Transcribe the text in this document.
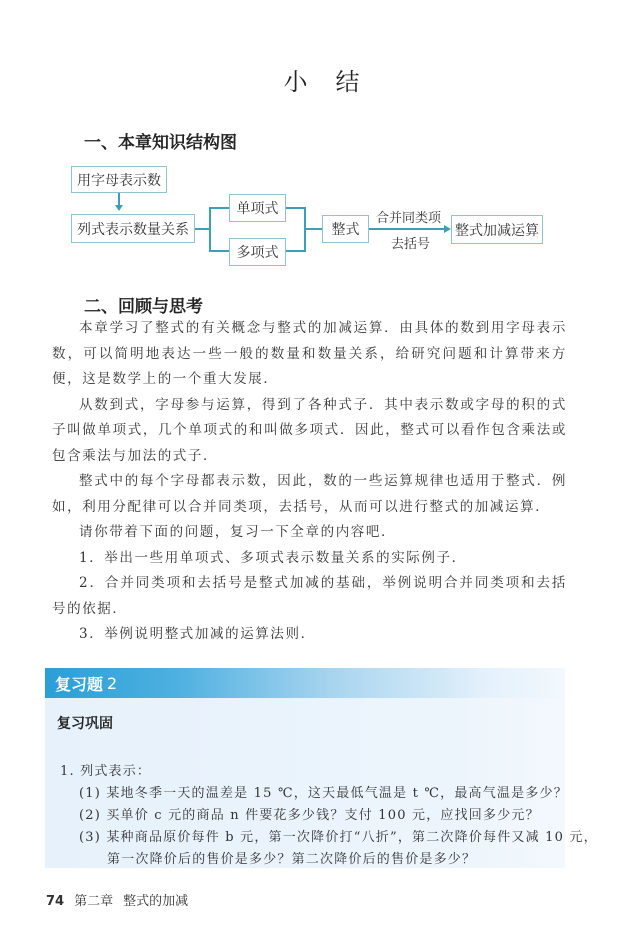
小结
一、本章知识结构图
用字母表示数
列式表示数量关系
单项式
多项式
整式
合并同类项
去括号
整式加减运算
二、回顾与思考

本章学习了整式的有关概念与整式的加减运算．由具体的数到用字母表示数，可以简明地表达一些一般的数量和数量关系，给研究问题和计算带来方便，这是数学上的一个重大发展．

从数到式，字母参与运算，得到了各种式子．其中表示数或字母的积的式子叫做单项式，几个单项式的和叫做多项式．因此，整式可以看作包含乘法或包含乘法与加法的式子．

整式中的每个字母都表示数，因此，数的一些运算规律也适用于整式．例如，利用分配律可以合并同类项，去括号，从而可以进行整式的加减运算．

请你带着下面的问题，复习一下全章的内容吧．

1．举出一些用单项式、多项式表示数量关系的实际例子．

2．合并同类项和去括号是整式加减的基础，举例说明合并同类项和去括号的依据．

3．举例说明整式加减的运算法则．

复习题 2
复习巩固
1. 列式表示：
(1) 某地冬季一天的温差是 15 ℃，这天最低气温是 t ℃，最高气温是多少？
(2) 买单价 c 元的商品 n 件要花多少钱？支付 100 元，应找回多少元？
(3) 某种商品原价每件 b 元，第一次降价打“八折”，第二次降价每件又减 10 元，
第一次降价后的售价是多少？第二次降价后的售价是多少？
74 第二章 整式的加减
